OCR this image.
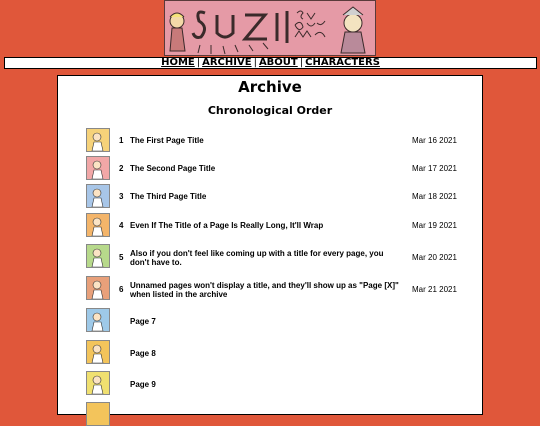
HOME | ARCHIVE | ABOUT | CHARACTERS
Archive
Chronological Order
1 The First Page Title	Mar 16 2021
2 The Second Page Title	Mar 17 2021
3 The Third Page Title	Mar 18 2021
4 Even If The Title of a Page Is Really Long, It'll Wrap	Mar 19 2021
5 Also if you don't feel like coming up with a title for every page, you don't have to.
Mar 20 2021
6 Unnamed pages won't display a title, and they'll show up as "Page [X]" when listed in the archive
Mar 21 2021
Page 7
Page 8
Page 9
